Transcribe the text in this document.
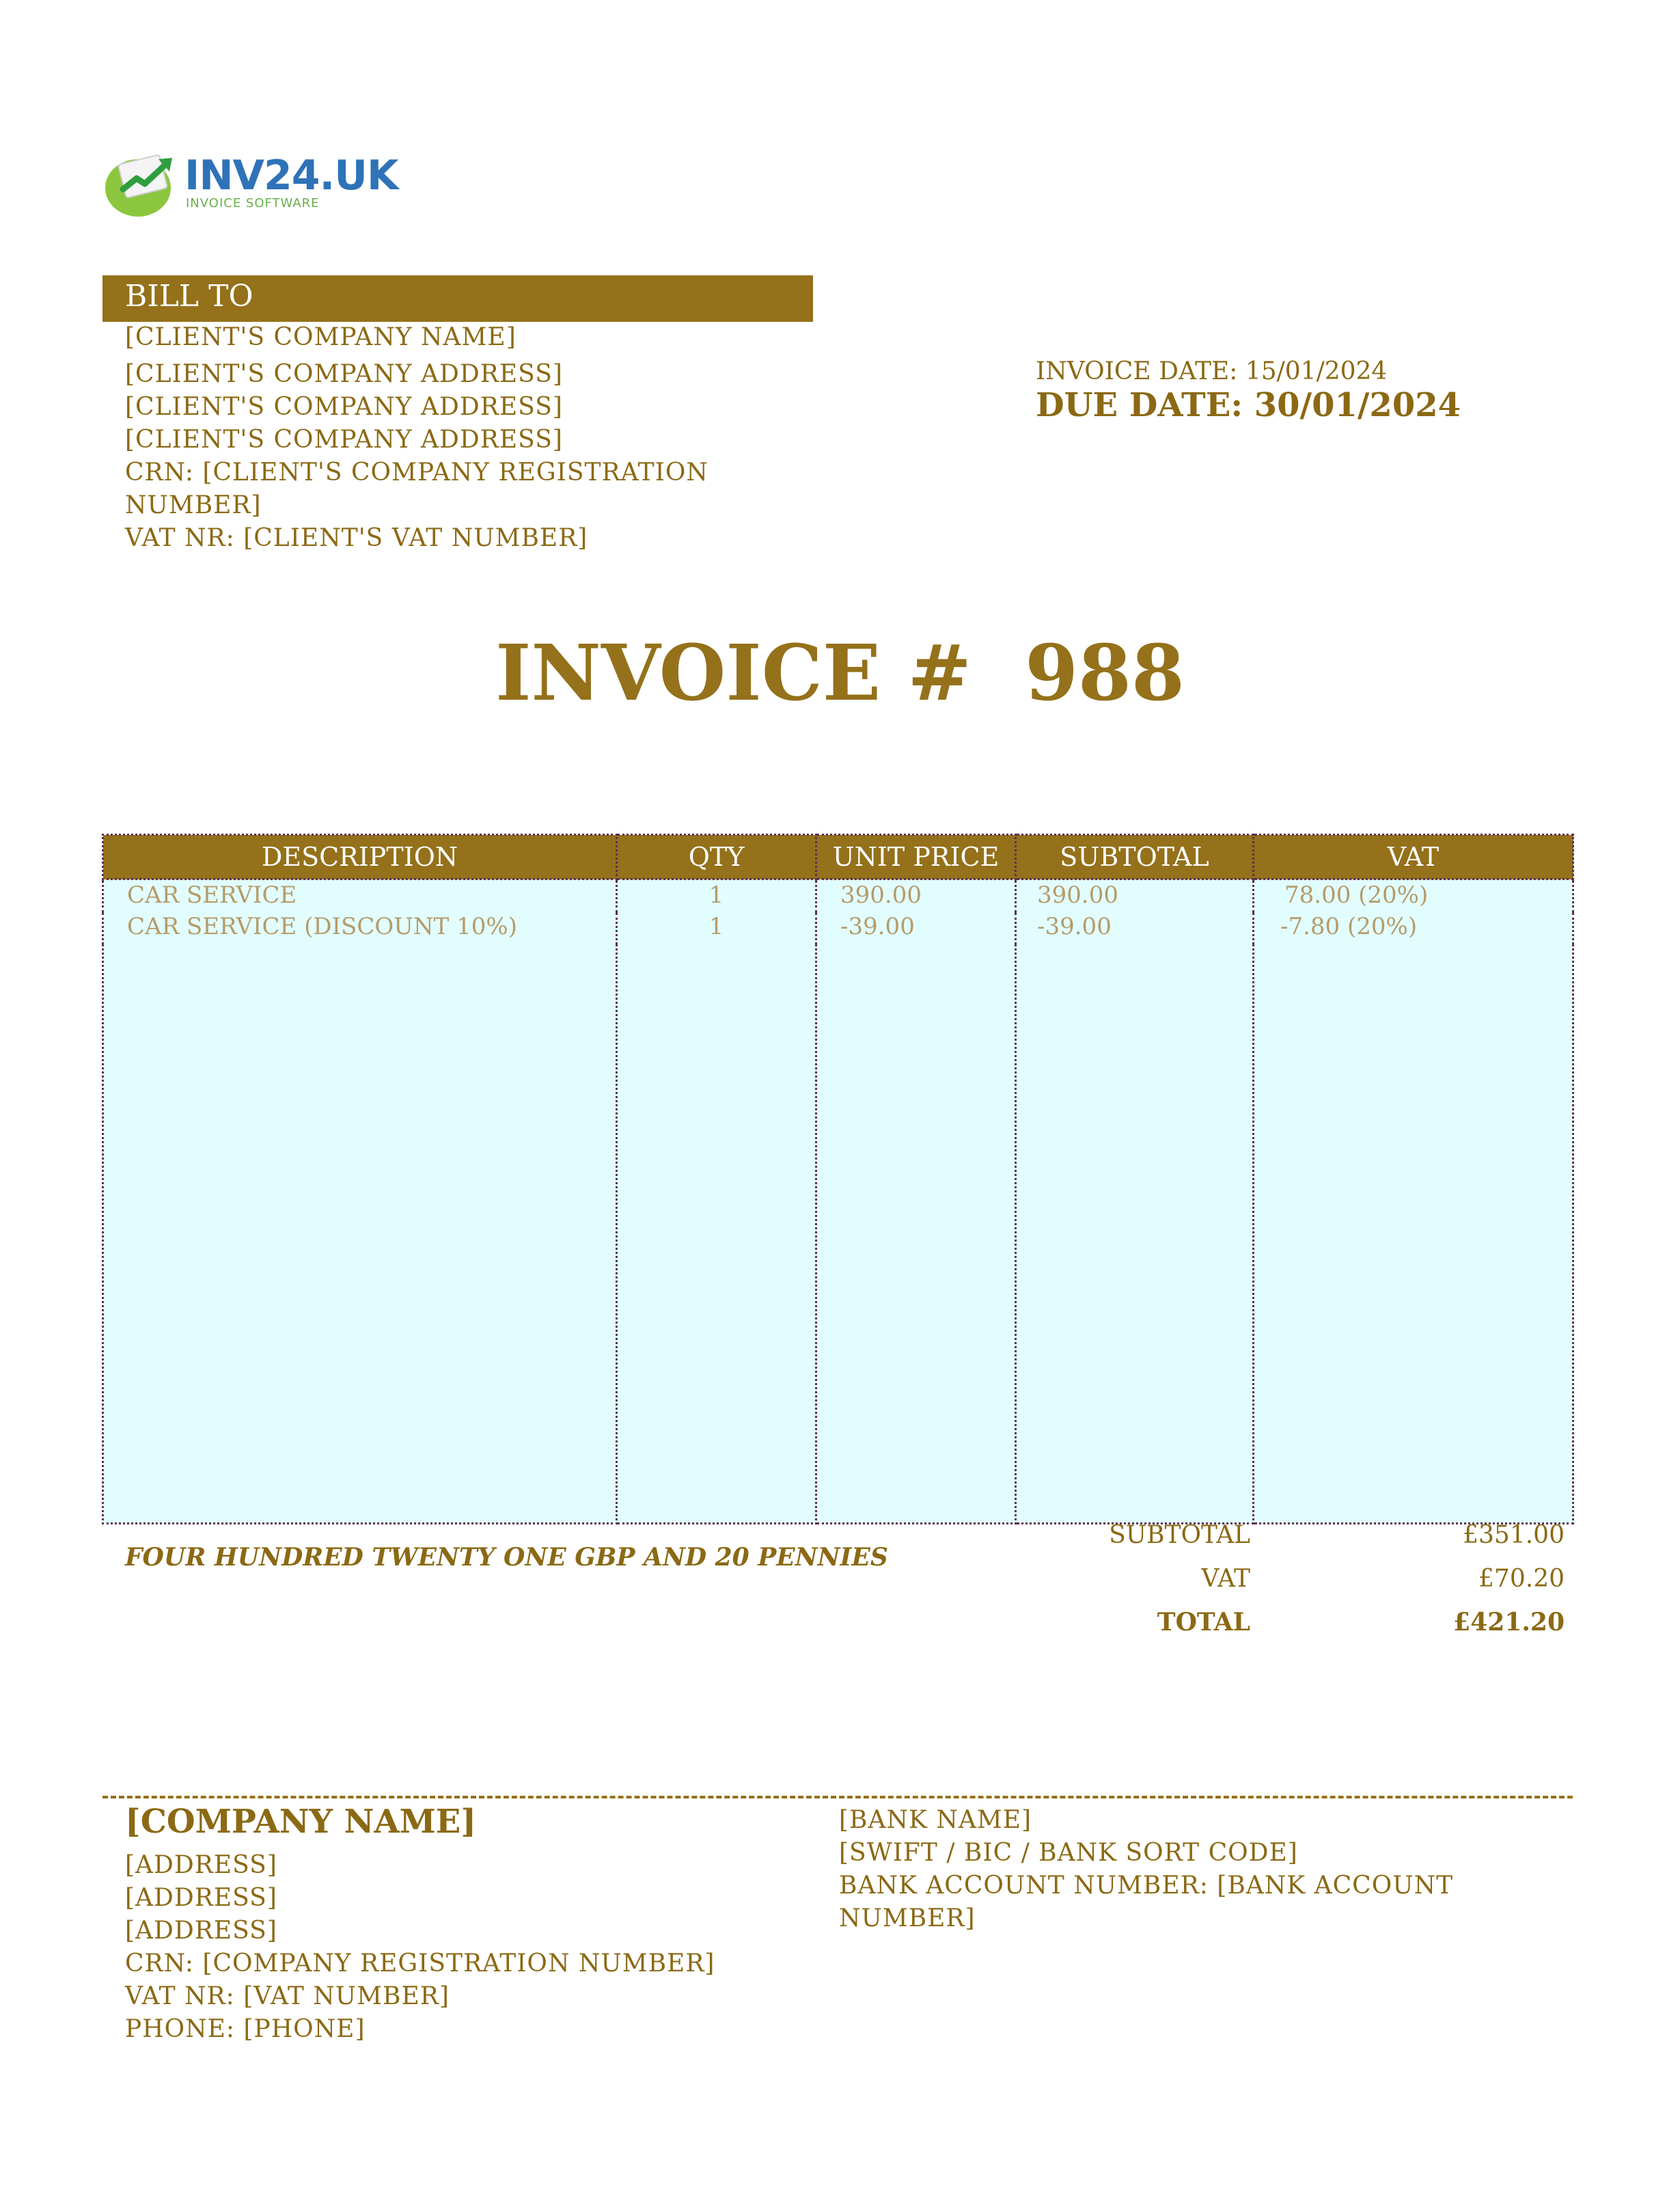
INV24.UK
INVOICE SOFTWARE
BILL TO
[CLIENT'S COMPANY NAME]
[CLIENT'S COMPANY ADDRESS]
[CLIENT'S COMPANY ADDRESS]
[CLIENT'S COMPANY ADDRESS]
CRN: [CLIENT'S COMPANY REGISTRATION
NUMBER]
VAT NR: [CLIENT'S VAT NUMBER]
INVOICE DATE: 15/01/2024
DUE DATE: 30/01/2024
INVOICE #  988
DESCRIPTION	QTY	UNIT PRICE	SUBTOTAL	VAT
CAR SERVICE	1	390.00	390.00	78.00 (20%)
CAR SERVICE (DISCOUNT 10%)	1	-39.00	-39.00	-7.80 (20%)

FOUR HUNDRED TWENTY ONE GBP AND 20 PENNIES
SUBTOTAL	£351.00
VAT	£70.20
TOTAL	£421.20
[COMPANY NAME]
[ADDRESS]
[ADDRESS]
[ADDRESS]
CRN: [COMPANY REGISTRATION NUMBER]
VAT NR: [VAT NUMBER]
PHONE: [PHONE]
[BANK NAME]
[SWIFT / BIC / BANK SORT CODE]
BANK ACCOUNT NUMBER: [BANK ACCOUNT
NUMBER]
